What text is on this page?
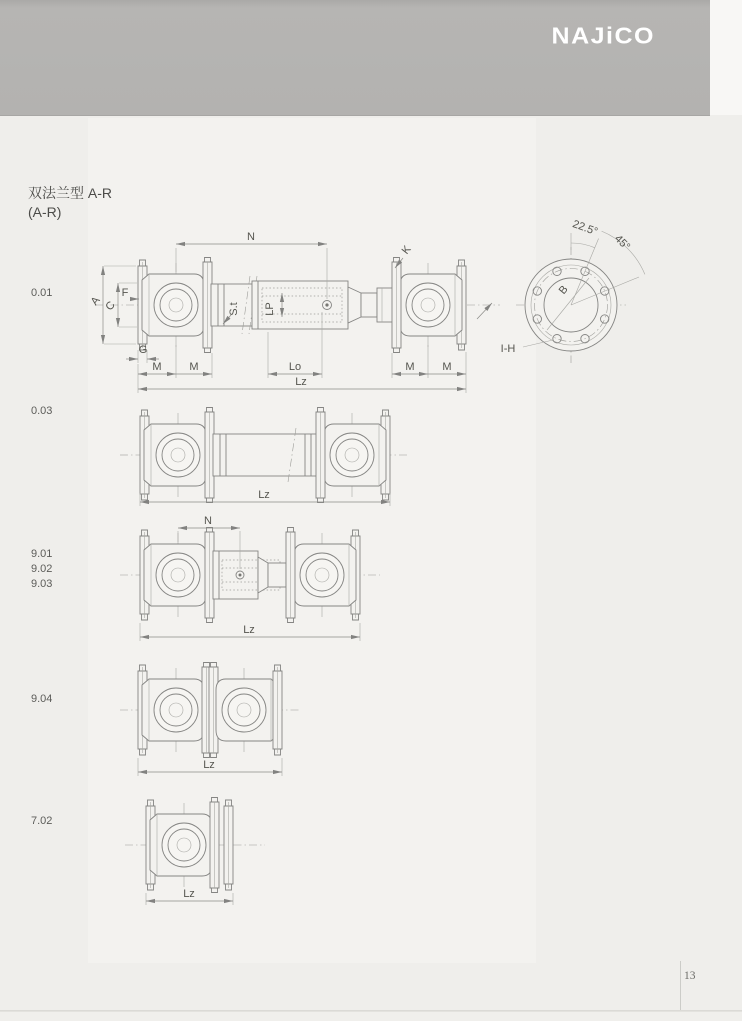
NAJiCO
双法兰型 A-R
(A-R)
0.01
0.03
9.01
9.02
9.03
9.04
7.02
N
K
A C
F
G
M	M	Lo	M	M
Lz
S.t LP
22.5°
45°
B
I-H
Lz
N
Lz
Lz
Lz
13
